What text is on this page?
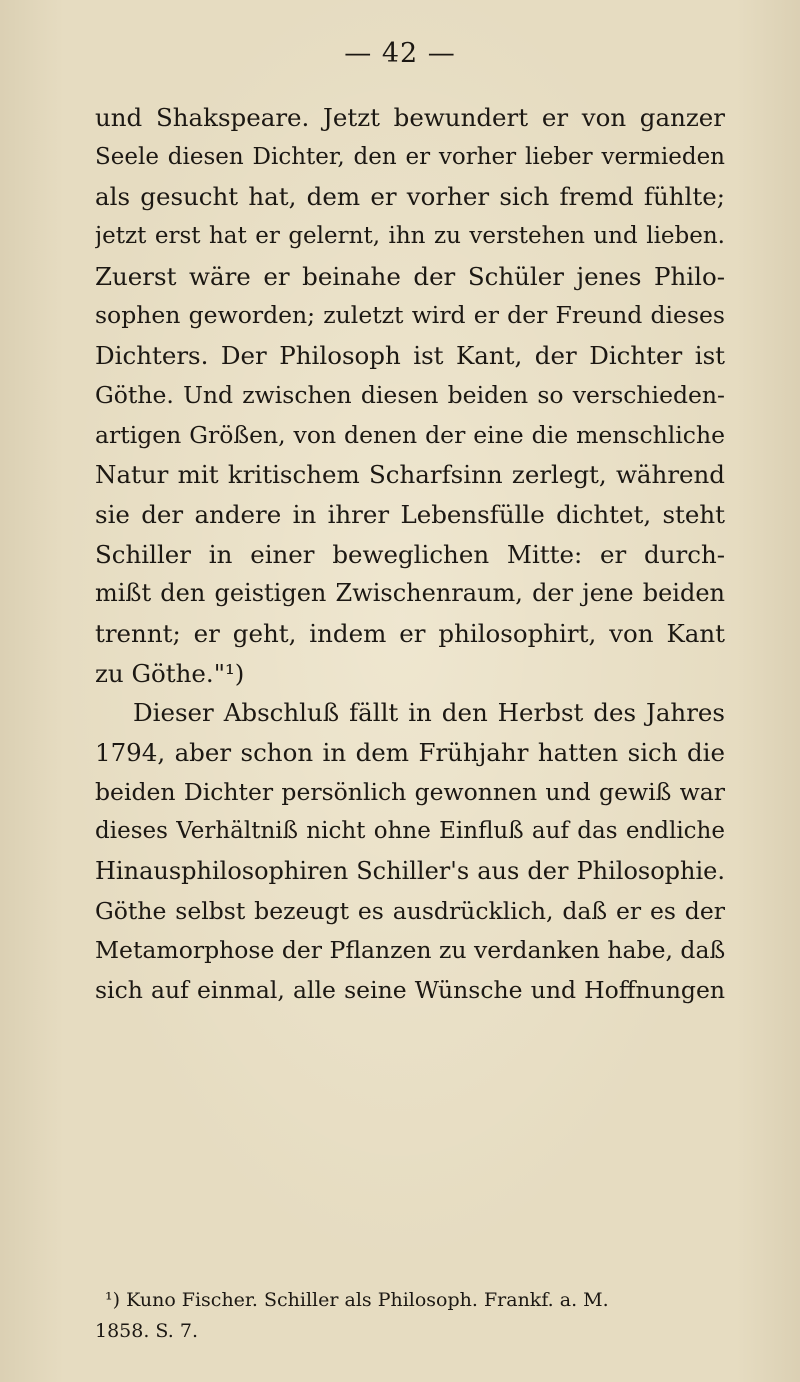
— 42 —
und Shakspeare. Jetzt bewundert er von ganzer
Seele diesen Dichter, den er vorher lieber vermieden
als gesucht hat, dem er vorher sich fremd fühlte;
jetzt erst hat er gelernt, ihn zu verstehen und lieben.
Zuerst wäre er beinahe der Schüler jenes Philo-
sophen geworden; zuletzt wird er der Freund dieses
Dichters. Der Philosoph ist Kant, der Dichter ist
Göthe. Und zwischen diesen beiden so verschieden-
artigen Größen, von denen der eine die menschliche
Natur mit kritischem Scharfsinn zerlegt, während
sie der andere in ihrer Lebensfülle dichtet, steht
Schiller in einer beweglichen Mitte: er durch-
mißt den geistigen Zwischenraum, der jene beiden
trennt; er geht, indem er philosophirt, von Kant
zu Göthe."¹)
Dieser Abschluß fällt in den Herbst des Jahres
1794, aber schon in dem Frühjahr hatten sich die
beiden Dichter persönlich gewonnen und gewiß war
dieses Verhältniß nicht ohne Einfluß auf das endliche
Hinausphilosophiren Schiller's aus der Philosophie.
Göthe selbst bezeugt es ausdrücklich, daß er es der
Metamorphose der Pflanzen zu verdanken habe, daß
sich auf einmal, alle seine Wünsche und Hoffnungen
¹) Kuno Fischer. Schiller als Philosoph. Frankf. a. M.
1858. S. 7.
